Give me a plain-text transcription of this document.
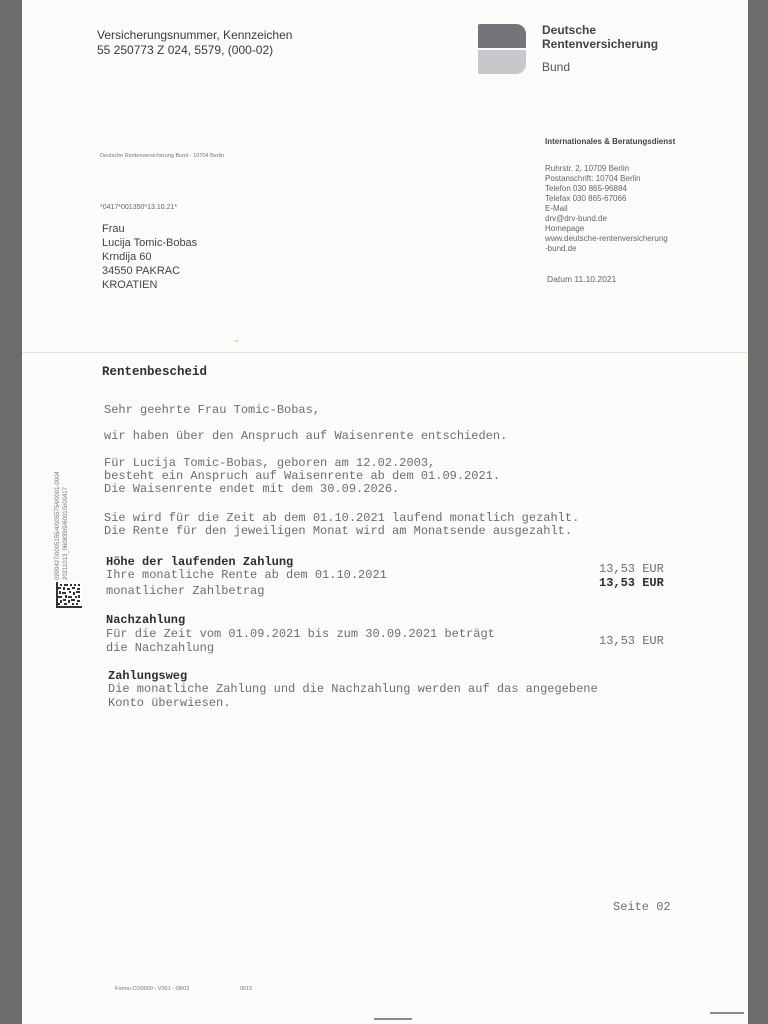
Versicherungsnummer, Kennzeichen
55 250773 Z 024, 5579, (000-02)
Deutsche
Rentenversicherung
Bund
Internationales & Beratungsdienst
Ruhrstr. 2, 10709 Berlin
Postanschrift: 10704 Berlin
Telefon 030 865-96884
Telefax 030 865-67066
E-Mail
drv@drv-bund.de
Homepage
www.deutsche-rentenversicherung
-bund.de
Datum 11.10.2021
Deutsche Rentenversicherung Bund · 10704 Berlin
*0417*001350*13.10.21*
Frau
Lucija Tomic-Bobas
Krndija 60
34550 PAKRAC
KROATIEN
0999427/0005155/4/0055754/0001-0004 20211013_060839/9/6001/5/00417
Rentenbescheid
Sehr geehrte Frau Tomic-Bobas,
wir haben über den Anspruch auf Waisenrente entschieden.
Für Lucija Tomic-Bobas, geboren am 12.02.2003,
besteht ein Anspruch auf Waisenrente ab dem 01.09.2021.
Die Waisenrente endet mit dem 30.09.2026.
Sie wird für die Zeit ab dem 01.10.2021 laufend monatlich gezahlt.
Die Rente für den jeweiligen Monat wird am Monatsende ausgezahlt.
Höhe der laufenden Zahlung
Ihre monatliche Rente ab dem 01.10.2021
monatlicher Zahlbetrag
13,53 EUR
13,53 EUR
Nachzahlung
Für die Zeit vom 01.09.2021 bis zum 30.09.2021 beträgt
die Nachzahlung	13,53 EUR
Zahlungsweg
Die monatliche Zahlung und die Nachzahlung werden auf das angegebene
Konto überwiesen.
Seite 02
Formu CO0000 - V001 - 08/03	0015
